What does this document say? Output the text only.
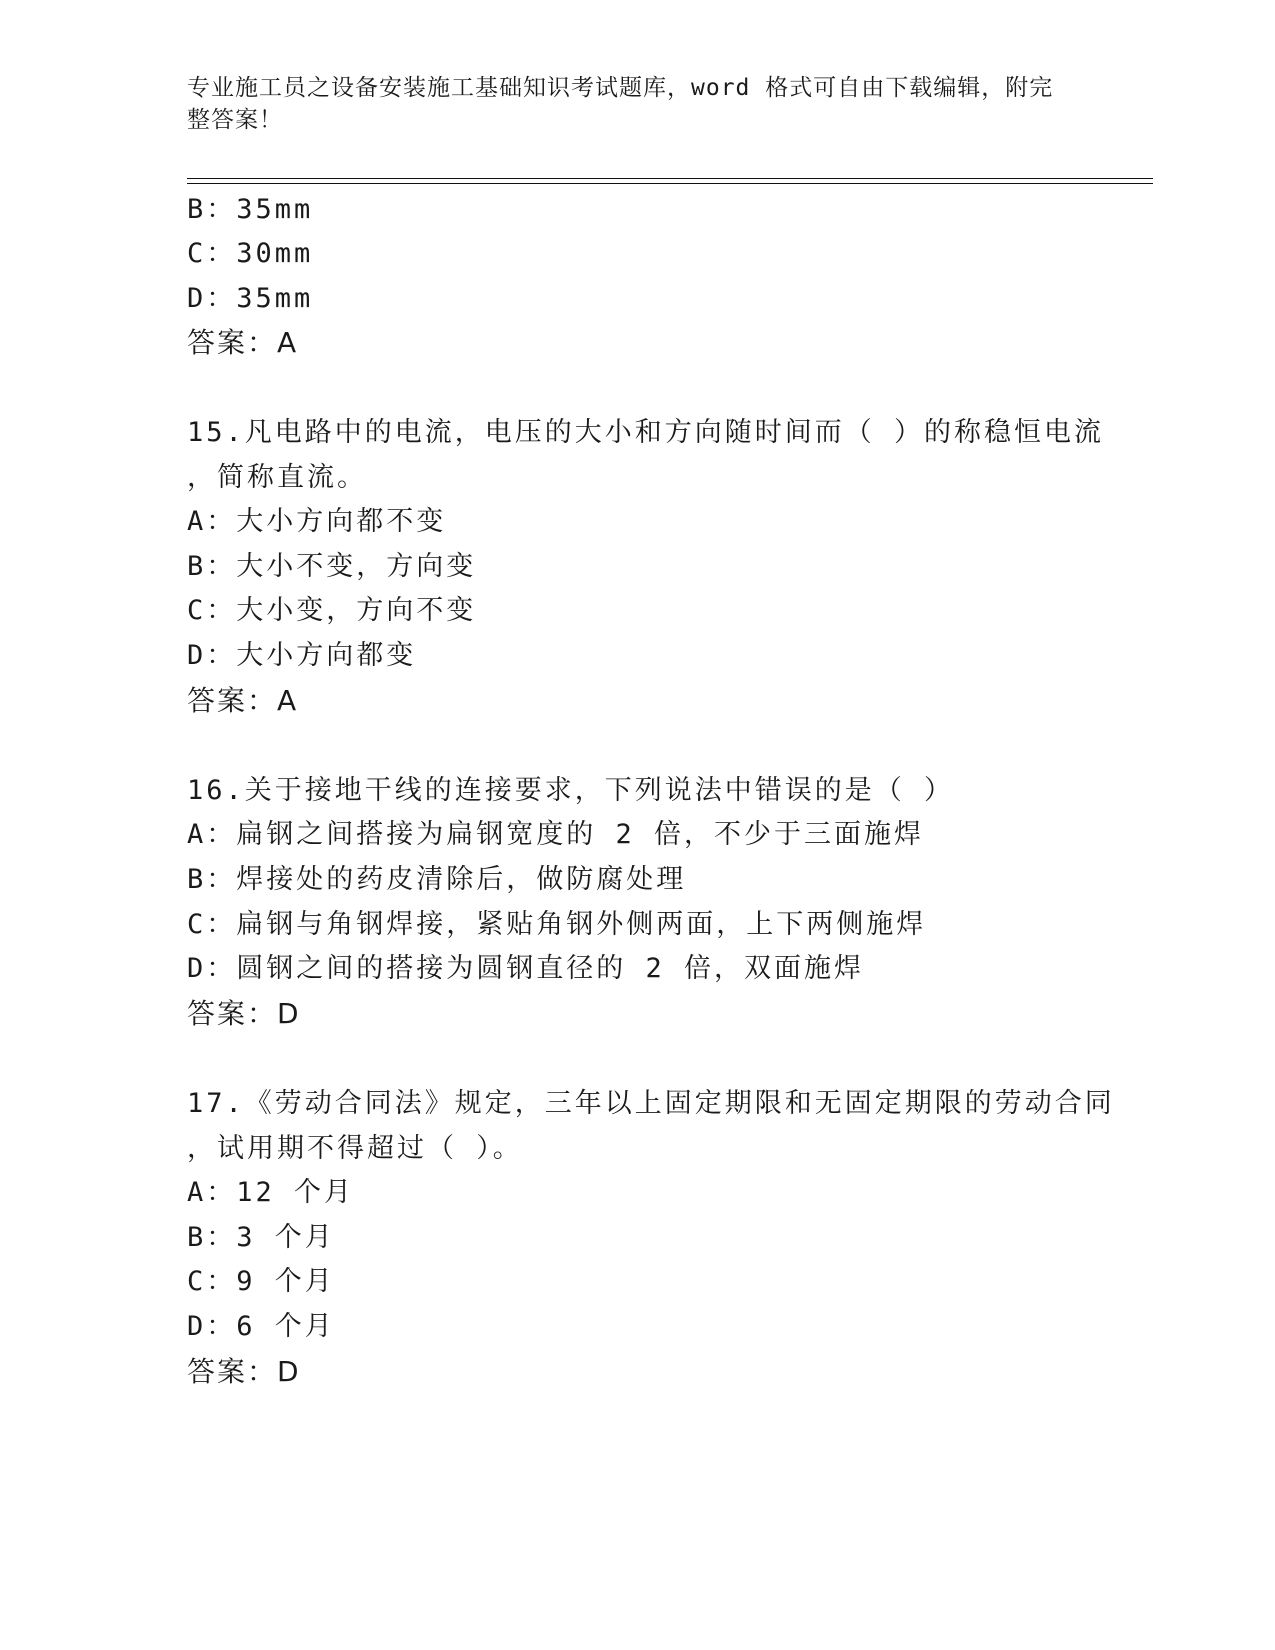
专业施工员之设备安装施工基础知识考试题库，word 格式可自由下载编辑，附完
整答案！
B：35mm
C：30mm
D：35mm
答案：A
15.凡电路中的电流，电压的大小和方向随时间而（ ）的称稳恒电流
，简称直流。
A：大小方向都不变
B：大小不变，方向变
C：大小变，方向不变
D：大小方向都变
答案：A
16.关于接地干线的连接要求，下列说法中错误的是（ ）
A：扁钢之间搭接为扁钢宽度的 2 倍，不少于三面施焊
B：焊接处的药皮清除后，做防腐处理
C：扁钢与角钢焊接，紧贴角钢外侧两面，上下两侧施焊
D：圆钢之间的搭接为圆钢直径的 2 倍，双面施焊
答案：D
17.《劳动合同法》规定，三年以上固定期限和无固定期限的劳动合同
，试用期不得超过（ ）。
A：12 个月
B：3 个月
C：9 个月
D：6 个月
答案：D
